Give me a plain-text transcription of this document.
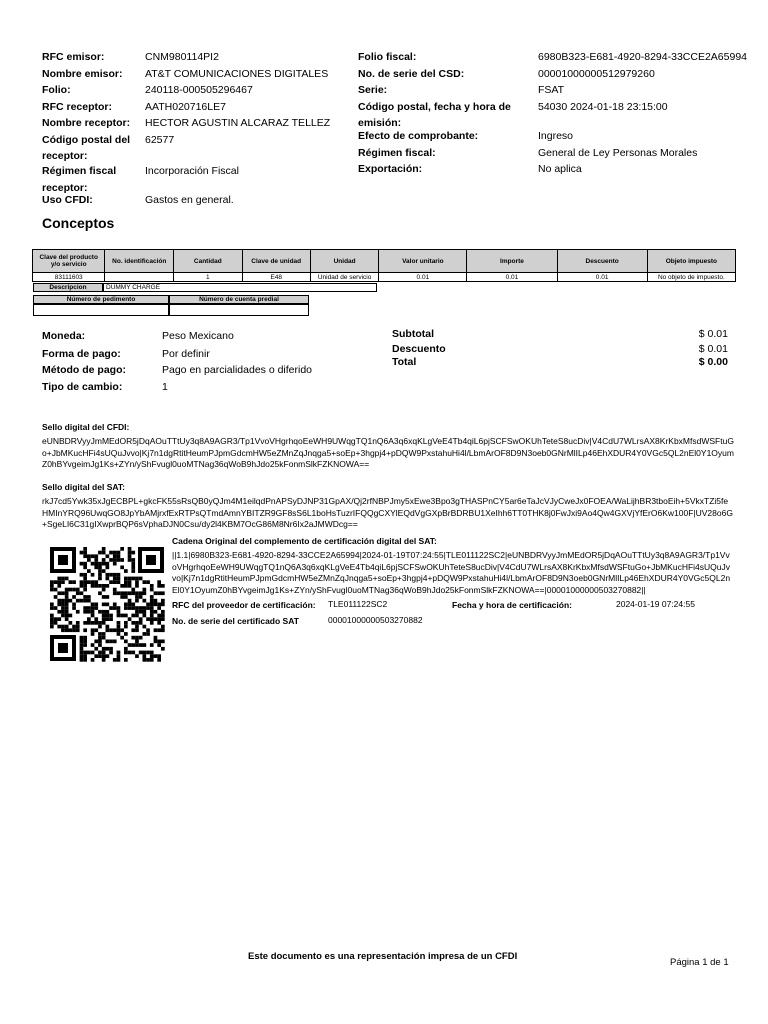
RFC emisor:	CNM980114PI2
Nombre emisor:	AT&T COMUNICACIONES DIGITALES
Folio:	240118-000505296467
RFC receptor:	AATH020716LE7
Nombre receptor:	HECTOR AGUSTIN ALCARAZ TELLEZ
Código postal del receptor:
62577
Régimen fiscal receptor:
Incorporación Fiscal
Uso CFDI:	Gastos en general.
Folio fiscal:	6980B323-E681-4920-8294-33CCE2A65994
No. de serie del CSD:	00001000000512979260
Serie:	FSAT
Código postal, fecha y hora de emisión:
54030 2024-01-18 23:15:00
Efecto de comprobante:	Ingreso
Régimen fiscal:	General de Ley Personas Morales
Exportación:	No aplica
Conceptos
Clave del producto y/o servicio	No. identificación	Cantidad	Clave de unidad	Unidad	Valor unitario	Importe	Descuento	Objeto impuesto
83111603		1	E48	Unidad de servicio	0.01	0.01	0.01	No objeto de impuesto.
Descripcion	DUMMY CHARGE
Número de pedimento	Número de cuenta predial
Moneda:	Peso Mexicano
Forma de pago:	Por definir
Método de pago:	Pago en parcialidades o diferido
Tipo de cambio:	1
Subtotal	$ 0.01
Descuento	$ 0.01
Total	$ 0.00
Sello digital del CFDI:
eUNBDRVyyJmMEdOR5jDqAOuTTtUy3q8A9AGR3/Tp1VvoVHgrhqoEeWH9UWqgTQ1nQ6A3q6xqKLgVeE4Tb4qiL6pjSCFSwOKUhTeteS8ucDiv|V4CdU7WLrsAX8KrKbxMfsdWSFtuGo+JbMKucHFi4sUQuJvvo|Kj7n1dgRtitHeumPJpmGdcmHW5eZMnZqJnqga5+soEp+3hgpj4+pDQW9PxstahuHi4l/LbmArOF8D9N3oeb0GNrMlILp46EhXDUR4Y0VGc5QL2nEl0Y1OyumZ0hBYvgeimJg1Ks+ZYn/yShFvugl0uoMTNag36qWoB9hJdo25kFonmSlkFZKNOWA==
Sello digital del SAT:
rkJ7cd5Ywk35xJgECBPL+gkcFK55sRsQB0yQJm4M1eilqdPnAPSyDJNP31GpAX/Qj2rfNBPJmy5xEwe3Bpo3gTHASPnCY5ar6eTaJcVJyCweJx0FOEA/WaLijhBR3tboEih+5VkxTZi5feHMInYRQ96UwqGO8JpYbAMjrxfExRTPsQTmdAmnYBITZR9GF8sS6L1boHsTuzrIFQQgCXYlEQdVgGXpBrBDRBU1XeIhh6TT0THK8j0FwJxi9Ao4Qw4GXVjYfErO6Kw100F|UV28o6G+SgeLI6C31gIXwprBQP6sVphaDJN0Csu/dy2l4KBM7OcG86M8Nr6Ix2aJMWDcg==
Cadena Original del complemento de certificación digital del SAT:
||1.1|6980B323-E681-4920-8294-33CCE2A65994|2024-01-19T07:24:55|TLE011122SC2|eUNBDRVyyJmMEdOR5jDqAOuTTtUy3q8A9AGR3/Tp1VvoVHgrhqoEeWH9UWqgTQ1nQ6A3q6xqKLgVeE4Tb4qiL6pjSCFSwOKUhTeteS8ucDiv|V4CdU7WLrsAX8KrKbxMfsdWSFtuGo+JbMKucHFi4sUQuJvvo|Kj7n1dgRtitHeumPJpmGdcmHW5eZMnZqJnqga5+soEp+3hgpj4+pDQW9PxstahuHi4l/LbmArOF8D9N3oeb0GNrMlILp46EhXDUR4Y0VGc5QL2nEl0Y1OyumZ0hBYvgeimJg1Ks+ZYn/yShFvugl0uoMTNag36qWoB9hJdo25kFonmSlkFZKNOWA==|00001000000503270882||
RFC del proveedor de certificación: TLE011122SC2	Fecha y hora de certificación:	2024-01-19 07:24:55
No. de serie del certificado SAT	00001000000503270882
Este documento es una representación impresa de un CFDI
Página 1 de 1
